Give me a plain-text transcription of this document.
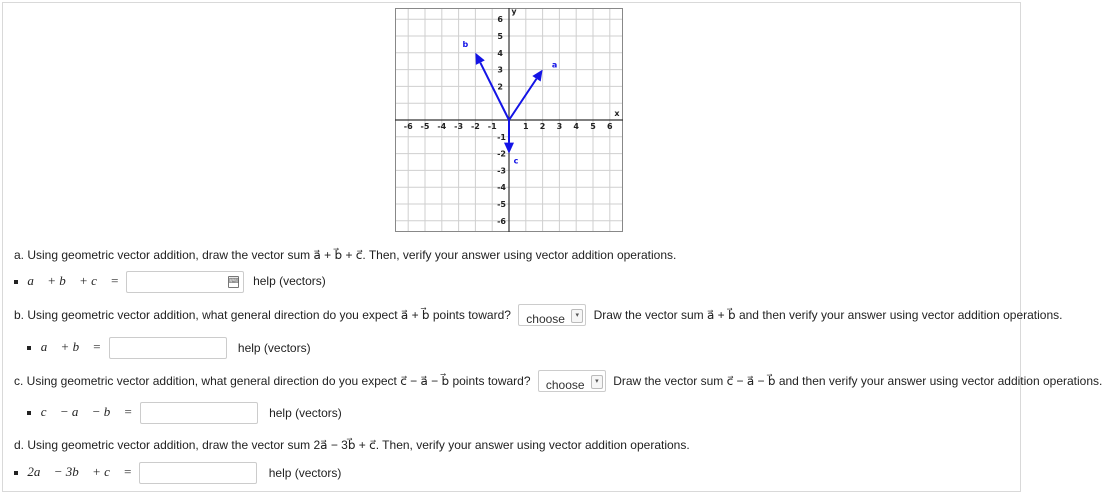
-6 -5 -4 -3 -2 -1	1 2 3 4 5 6
6
5
4
3
2
-1
-2
-3
-4
-5
-6
x
y
a
b
c
a. Using geometric vector addition, draw the vector sum a⃗ + b⃗ + c⃗. Then, verify your answer using vector addition operations.
a⃗ + b⃗ + c⃗ =	⌨ help (vectors)
b. Using geometric vector addition, what general direction do you expect a⃗ + b⃗ points toward? choose	▾	Draw the vector sum a⃗ + b⃗ and then verify your answer using vector addition operations.
a⃗ + b⃗ =	help (vectors)
c. Using geometric vector addition, what general direction do you expect c⃗ − a⃗ − b⃗ points toward? choose	▾	Draw the vector sum c⃗ − a⃗ − b⃗ and then verify your answer using vector addition operations.
c⃗ − a⃗ − b⃗ =	help (vectors)
d. Using geometric vector addition, draw the vector sum 2a⃗ − 3b⃗ + c⃗. Then, verify your answer using vector addition operations.
2a⃗ − 3b⃗ + c⃗ =	help (vectors)
